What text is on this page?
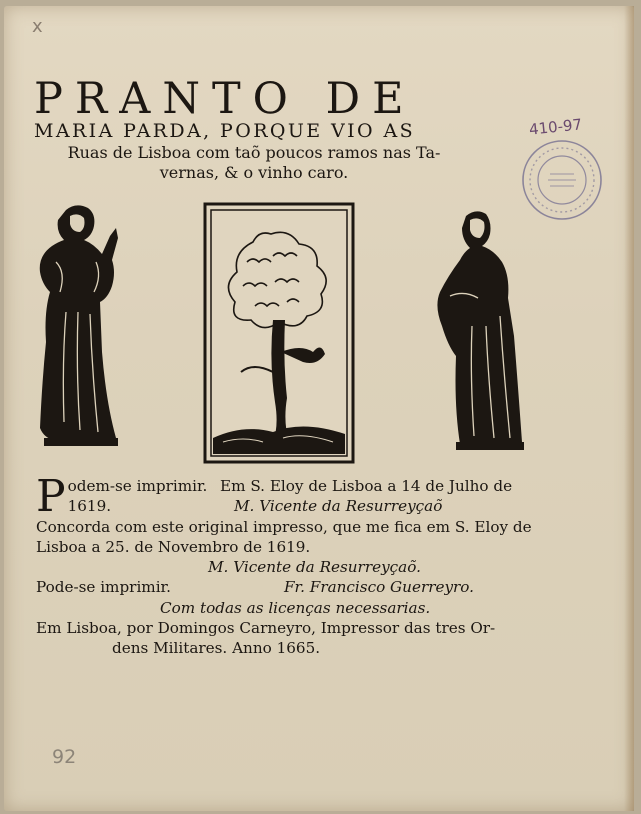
x
PRANTO DE
MARIA PARDA, PORQUE VIO AS
Ruas de Lisboa com taõ poucos ramos nas Ta-
vernas, & o vinho caro.
410-97
P odem-se imprimir. Em S. Eloy de Lisboa a 14 de Julho de
1619.	M. Vicente da Resurreyçaõ
Concorda com este original impresso, que me fica em S. Eloy de
Lisboa a 25. de Novembro de 1619.
M. Vicente da Resurreyçaõ.
Pode-se imprimir.	Fr. Francisco Guerreyro.
Com todas as licenças necessarias.
Em Lisboa, por Domingos Carneyro, Impressor das tres Or-
dens Militares. Anno 1665.
92
